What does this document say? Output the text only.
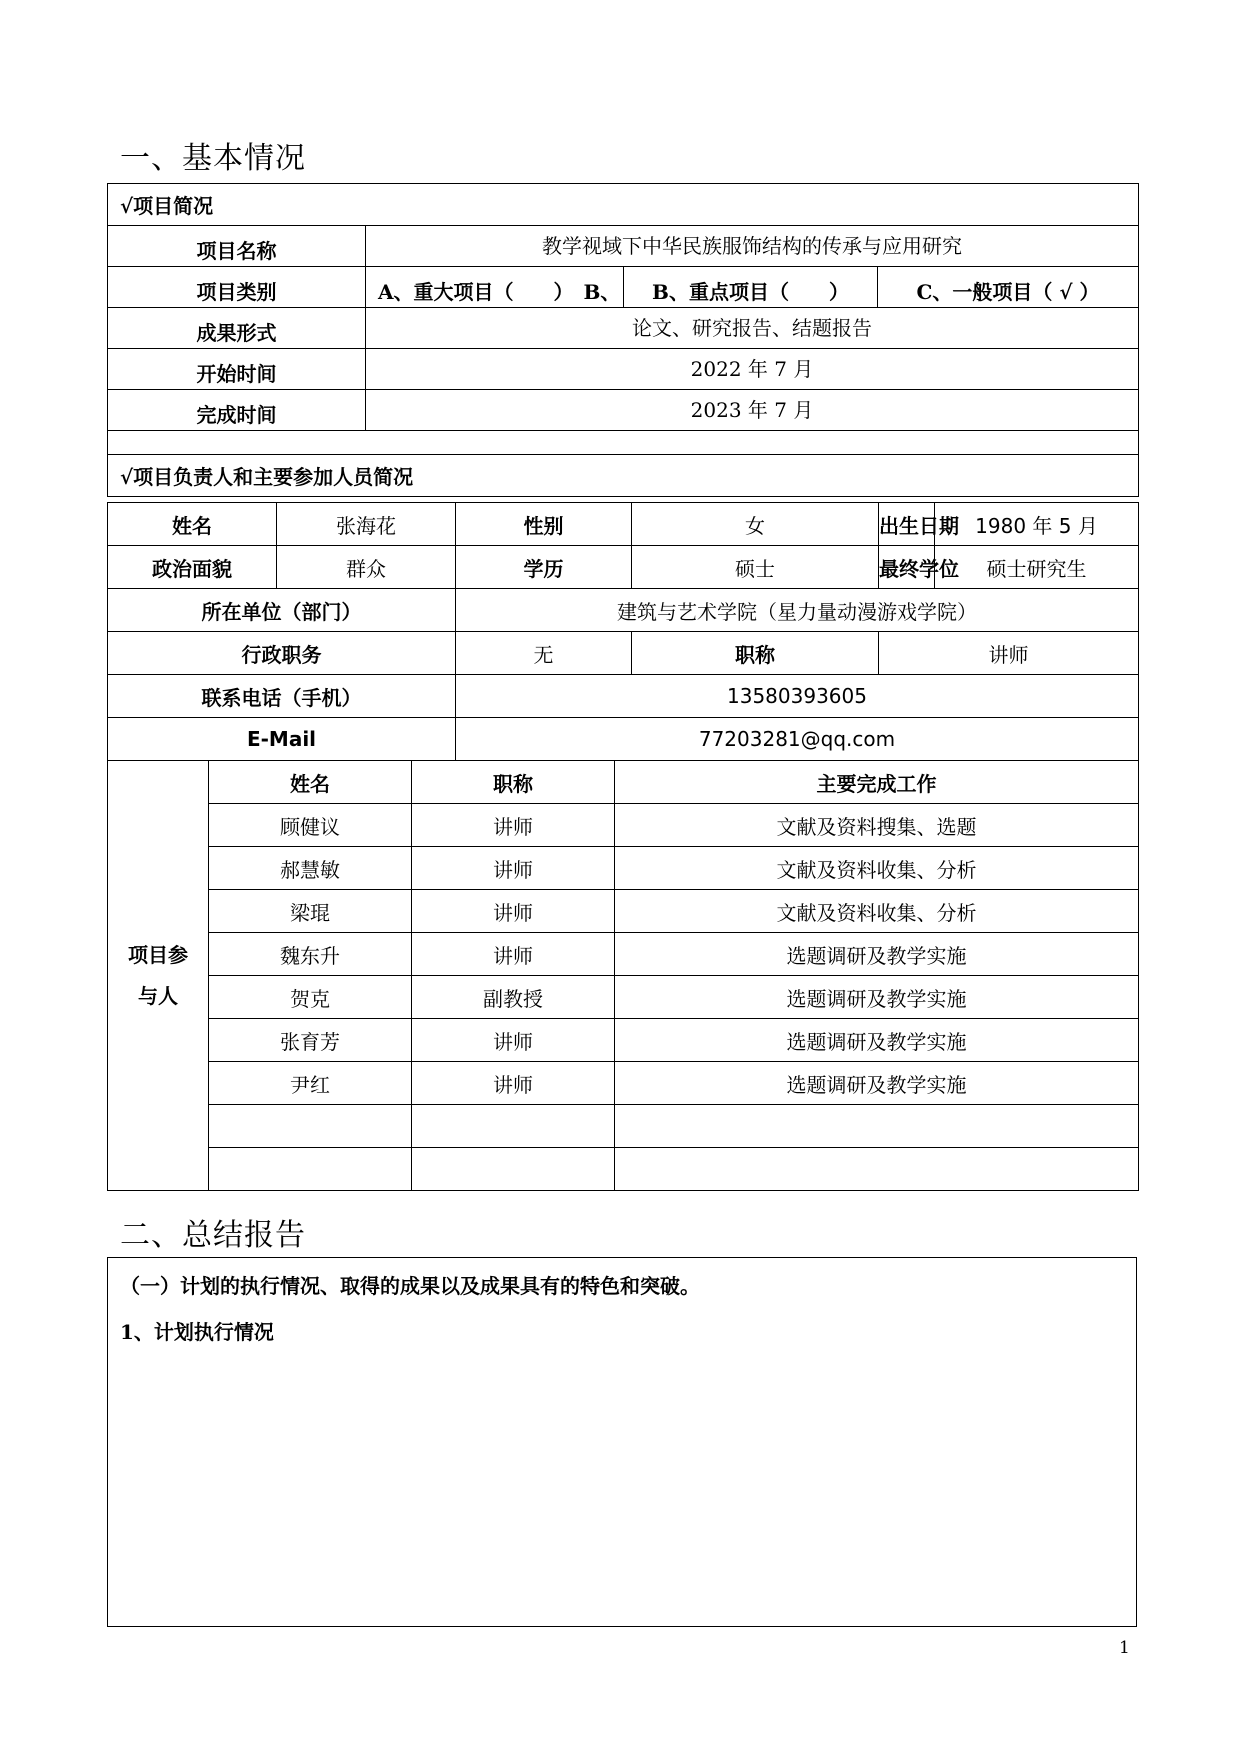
一、基本情况
√项目简况			
项目名称	教学视域下中华民族服饰结构的传承与应用研究		
项目类别	A、重大项目（　　）　B、	B、重点项目（　　）	C、一般项目（ √ ）
成果形式	论文、研究报告、结题报告		
开始时间	2022 年 7 月		
完成时间	2023 年 7 月		

√项目负责人和主要参加人员简况			
姓名	张海花	性别	女	出生日期	1980 年 5 月
政治面貌	群众	学历	硕士	最终学位	硕士研究生
所在单位（部门）		建筑与艺术学院（星力量动漫游戏学院）			
行政职务		无	职称	讲师	
联系电话（手机）		13580393605			
E-Mail		77203281@qq.com			
项目参
与人	姓名	职称	主要完成工作
	顾健议	讲师	文献及资料搜集、选题
	郝慧敏	讲师	文献及资料收集、分析
	梁琨	讲师	文献及资料收集、分析
	魏东升	讲师	选题调研及教学实施
	贺克	副教授	选题调研及教学实施
	张育芳	讲师	选题调研及教学实施
	尹红	讲师	选题调研及教学实施

二、总结报告

（一）计划的执行情况、取得的成果以及成果具有的特色和突破。

1、计划执行情况

1
